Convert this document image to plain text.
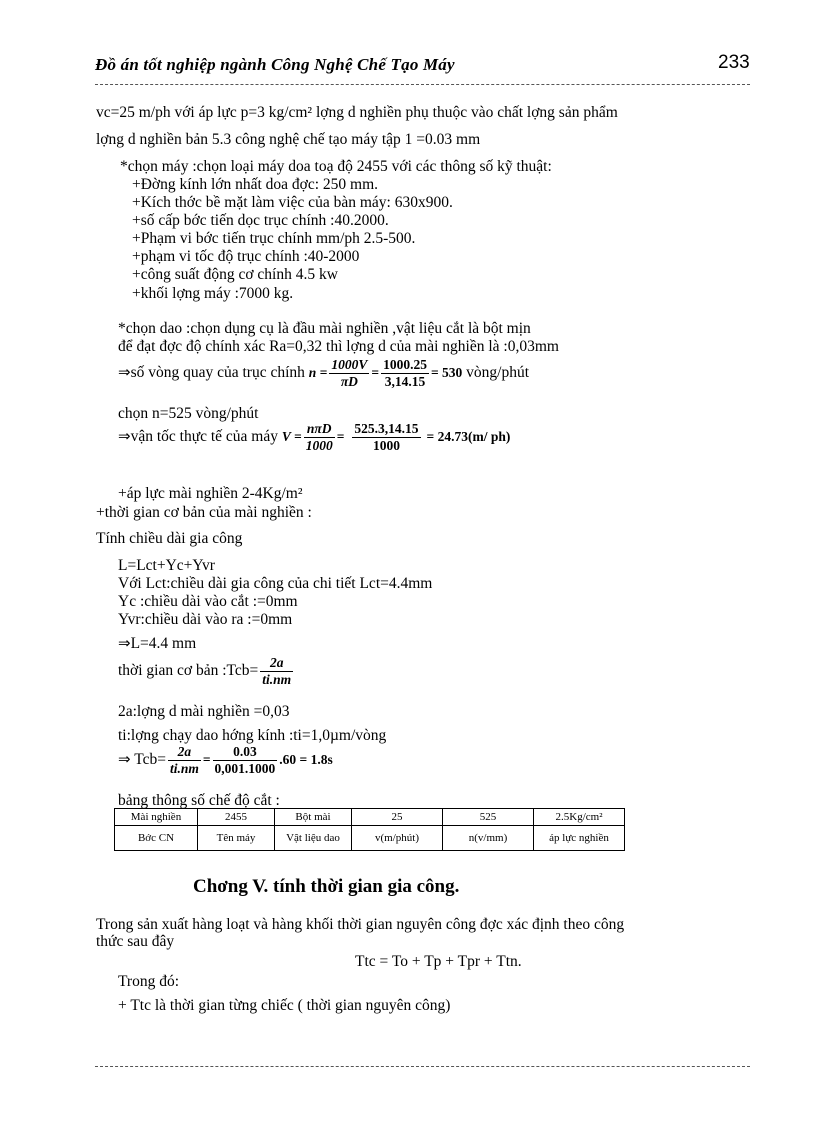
Đồ án tốt nghiệp ngành Công Nghệ Chế Tạo Máy	233
vc=25 m/ph với áp lực p=3 kg/cm² lợng d nghiền phụ thuộc vào chất lợng sản phẩm
lợng d nghiền bản 5.3 công nghệ chế tạo máy tập 1 =0.03 mm
*chọn máy :chọn loại máy doa toạ độ 2455 với các thông số kỹ thuật:
+Đờng kính lớn nhất doa đợc: 250 mm.
+Kích thớc bề mặt làm việc của bàn máy: 630x900.
+số cấp bớc tiến dọc trục chính :40.2000.
+Phạm vi bớc tiến trục chính mm/ph 2.5-500.
+phạm vi tốc độ trục chính :40-2000
+công suất động cơ chính 4.5 kw
+khối lợng máy :7000 kg.
*chọn dao :chọn dụng cụ là đầu mài nghiền ,vật liệu cắt là bột mịn
để đạt đợc độ chính xác Ra=0,32 thì lợng d của mài nghiền là :0,03mm
⇒số vòng quay của trục chính $n = \frac{1000V}{\pi D} = \frac{1000.25}{3,14.15} = 530$ vòng/phút
chọn n=525 vòng/phút
⇒vận tốc thực tế của máy $V = \frac{\text{nπD}}{1000} = \frac{525.3,14.15}{1000} = 24.73(m/$ ph)
+áp lực mài nghiền 2-4Kg/m²
+thời gian cơ bản của mài nghiền :
Tính chiều dài gia công
L=Lct+Yc+Yvr
Với Lct:chiều dài gia công của chi tiết Lct=4.4mm
Yc :chiều dài vào cắt :=0mm
Yvr:chiều dài vào ra :=0mm
⇒L=4.4 mm
thời gian cơ bản :Tcb= $\frac{2a}{ti.nm}$
2a:lợng d mài nghiền =0,03
ti:lợng chạy dao hớng kính :ti=1,0µm/vòng
⇒ $Tcb= \frac{2a}{ti.nm} = \frac{0.03}{0,001.1000} .60 = 1.8s$
bảng thông số chế độ cắt :
Mài nghiền	2455	Bột mài	25	525	2.5Kg/cm²
Bớc CN	Tên máy	Vật liệu dao	v(m/phút)	n(v/mm)	áp lực nghiền
Chơng V. tính thời gian gia công.
Trong sản xuất hàng loạt và hàng khối thời gian nguyên công đợc xác định theo công
thức sau đây
Ttc = To + Tp + Tpr + Ttn.
Trong đó:
+ Ttc là thời gian từng chiếc ( thời gian nguyên công)
